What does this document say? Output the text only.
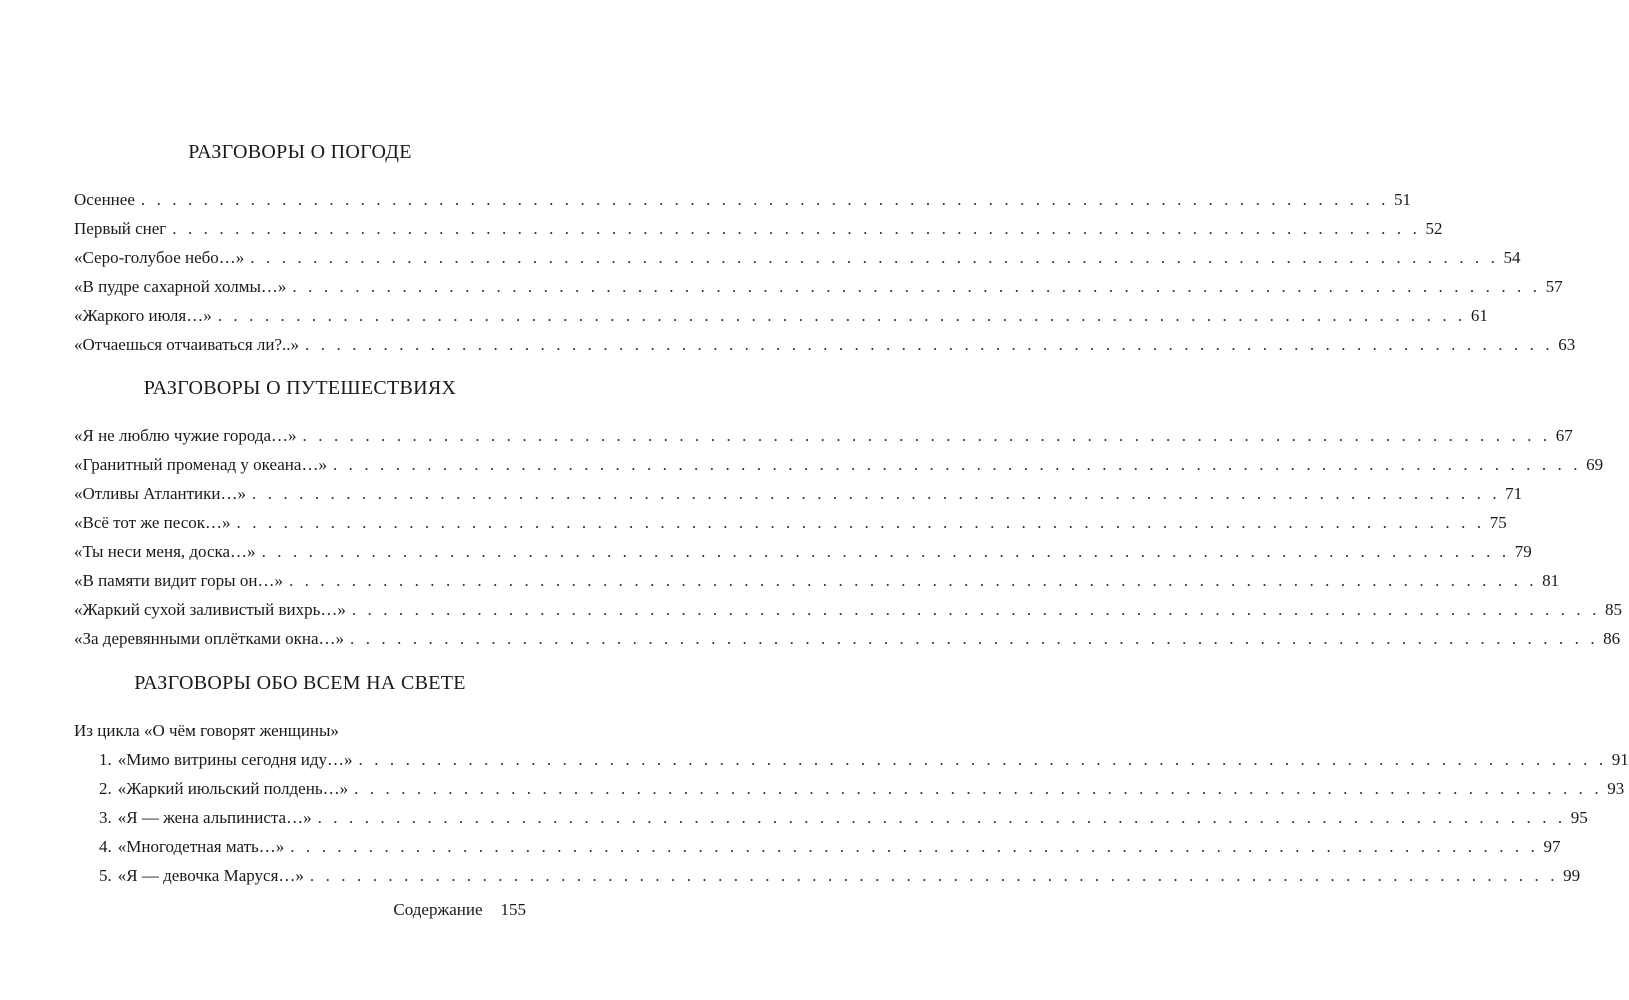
РАЗГОВОРЫ О ПОГОДЕ
Осеннее . . . . . . . . . . . . . . . . . . . . . . . . . . . . . . . . . . . . . . . . . . . . . . . . . . . . . . . . . . . . . . . . . . . . . . . . . . . . . . . . 51
Первый снег . . . . . . . . . . . . . . . . . . . . . . . . . . . . . . . . . . . . . . . . . . . . . . . . . . . . . . . . . . . . . . . . . . . . . . . . . . . . . . . . 52
«Серо-голубое небо…» . . . . . . . . . . . . . . . . . . . . . . . . . . . . . . . . . . . . . . . . . . . . . . . . . . . . . . . . . . . . . . . . . . . . . . . . . . . . . . . . 54
«В пудре сахарной холмы…» . . . . . . . . . . . . . . . . . . . . . . . . . . . . . . . . . . . . . . . . . . . . . . . . . . . . . . . . . . . . . . . . . . . . . . . . . . . . . . . . 57
«Жаркого июля…» . . . . . . . . . . . . . . . . . . . . . . . . . . . . . . . . . . . . . . . . . . . . . . . . . . . . . . . . . . . . . . . . . . . . . . . . . . . . . . . . 61
«Отчаешься отчаиваться ли?..» . . . . . . . . . . . . . . . . . . . . . . . . . . . . . . . . . . . . . . . . . . . . . . . . . . . . . . . . . . . . . . . . . . . . . . . . . . . . . . . . 63
РАЗГОВОРЫ О ПУТЕШЕСТВИЯХ
«Я не люблю чужие города…» . . . . . . . . . . . . . . . . . . . . . . . . . . . . . . . . . . . . . . . . . . . . . . . . . . . . . . . . . . . . . . . . . . . . . . . . . . . . . . . . 67
«Гранитный променад у океана…» . . . . . . . . . . . . . . . . . . . . . . . . . . . . . . . . . . . . . . . . . . . . . . . . . . . . . . . . . . . . . . . . . . . . . . . . . . . . . . . . 69
«Отливы Атлантики…» . . . . . . . . . . . . . . . . . . . . . . . . . . . . . . . . . . . . . . . . . . . . . . . . . . . . . . . . . . . . . . . . . . . . . . . . . . . . . . . . 71
«Всё тот же песок…» . . . . . . . . . . . . . . . . . . . . . . . . . . . . . . . . . . . . . . . . . . . . . . . . . . . . . . . . . . . . . . . . . . . . . . . . . . . . . . . . 75
«Ты неси меня, доска…» . . . . . . . . . . . . . . . . . . . . . . . . . . . . . . . . . . . . . . . . . . . . . . . . . . . . . . . . . . . . . . . . . . . . . . . . . . . . . . . . 79
«В памяти видит горы он…» . . . . . . . . . . . . . . . . . . . . . . . . . . . . . . . . . . . . . . . . . . . . . . . . . . . . . . . . . . . . . . . . . . . . . . . . . . . . . . . . 81
«Жаркий сухой заливистый вихрь…» . . . . . . . . . . . . . . . . . . . . . . . . . . . . . . . . . . . . . . . . . . . . . . . . . . . . . . . . . . . . . . . . . . . . . . . . . . . . . . . . 85
«За деревянными оплётками окна…» . . . . . . . . . . . . . . . . . . . . . . . . . . . . . . . . . . . . . . . . . . . . . . . . . . . . . . . . . . . . . . . . . . . . . . . . . . . . . . . . 86
РАЗГОВОРЫ ОБО ВСЕМ НА СВЕТЕ
Из цикла «О чём говорят женщины»
1. «Мимо витрины сегодня иду…» . . . . . . . . . . . . . . . . . . . . . . . . . . . . . . . . . . . . . . . . . . . . . . . . . . . . . . . . . . . . . . . . . . . . . . . . . . . . . . . . 91
2. «Жаркий июльский полдень…» . . . . . . . . . . . . . . . . . . . . . . . . . . . . . . . . . . . . . . . . . . . . . . . . . . . . . . . . . . . . . . . . . . . . . . . . . . . . . . . . 93
3. «Я — жена альпиниста…» . . . . . . . . . . . . . . . . . . . . . . . . . . . . . . . . . . . . . . . . . . . . . . . . . . . . . . . . . . . . . . . . . . . . . . . . . . . . . . . . 95
4. «Многодетная мать…» . . . . . . . . . . . . . . . . . . . . . . . . . . . . . . . . . . . . . . . . . . . . . . . . . . . . . . . . . . . . . . . . . . . . . . . . . . . . . . . . 97
5. «Я — девочка Маруся…» . . . . . . . . . . . . . . . . . . . . . . . . . . . . . . . . . . . . . . . . . . . . . . . . . . . . . . . . . . . . . . . . . . . . . . . . . . . . . . . . 99
Содержание 155
